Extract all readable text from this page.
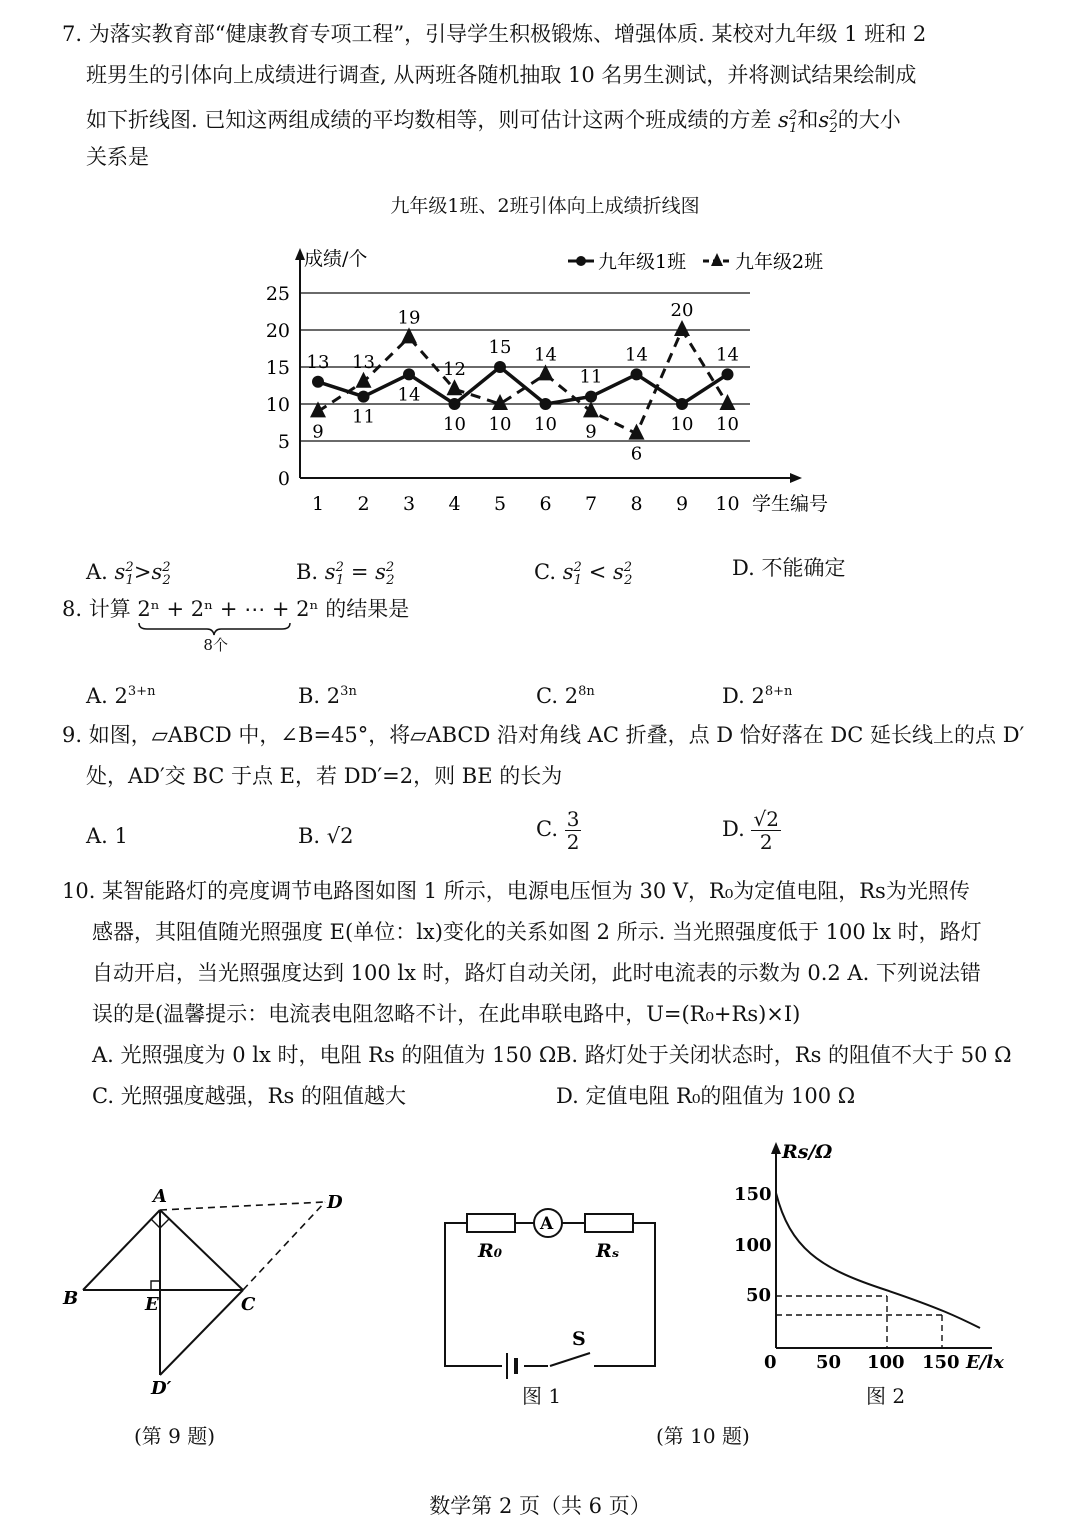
7. 为落实教育部“健康教育专项工程”，引导学生积极锻炼、增强体质. 某校对九年级 1 班和 2
班男生的引体向上成绩进行调查, 从两班各随机抽取 10 名男生测试，并将测试结果绘制成
如下折线图. 已知这两组成绩的平均数相等，则可估计这两个班成绩的方差 $s^2_1$和$s^2_2$的大小
关系是
九年级1班、2班引体向上成绩折线图
0
5
10
15
20
25
成绩/个
学生编号
1 2 3 4 5 6 7 8 9 10
13
11
14
10
15
10
11
14
10
14
9
13
19
12
10
14
9
6
20
10
九年级1班	九年级2班
A. $s^2_1>s^2_2$	B. $s^2_1 = s^2_2$	C. $s^2_1 < s^2_2$
D. 不能确定
8. 计算 2ⁿ + 2ⁿ + ⋯ + 2ⁿ
8个
的结果是
A. $2^{3+n}$	B. $2^{3n}$	C. $2^{8n}$	D. $2^{8+n}$
9. 如图，▱ABCD 中，∠B=45°，将▱ABCD 沿对角线 AC 折叠，点 D 恰好落在 DC 延长线上的点 D′
处，AD′交 BC 于点 E，若 DD′=2，则 BE 的长为
A. 1	B. √2	C. $\frac{3}{2}$	D. $\frac{√2}{2}$
10. 某智能路灯的亮度调节电路图如图 1 所示，电源电压恒为 30 V，R₀为定值电阻，Rs为光照传
感器，其阻值随光照强度 E(单位：lx)变化的关系如图 2 所示. 当光照强度低于 100 lx 时，路灯
自动开启，当光照强度达到 100 lx 时，路灯自动关闭，此时电流表的示数为 0.2 A. 下列说法错
误的是(温馨提示：电流表电阻忽略不计，在此串联电路中，U=(R₀+Rs)×I)
A. 光照强度为 0 lx 时，电阻 Rs 的阻值为 150 Ω B. 路灯处于关闭状态时，Rs 的阻值不大于 50 Ω
C. 光照强度越强，Rs 的阻值越大	D. 定值电阻 R₀的阻值为 100 Ω
A
B	C
D
E
D′
(第 9 题)
A
R₀	Rₛ
S
图 1
Rs/Ω
150
100
50
0 50 100 150 E/lx
图 2
(第 10 题)
数学第 2 页（共 6 页）
